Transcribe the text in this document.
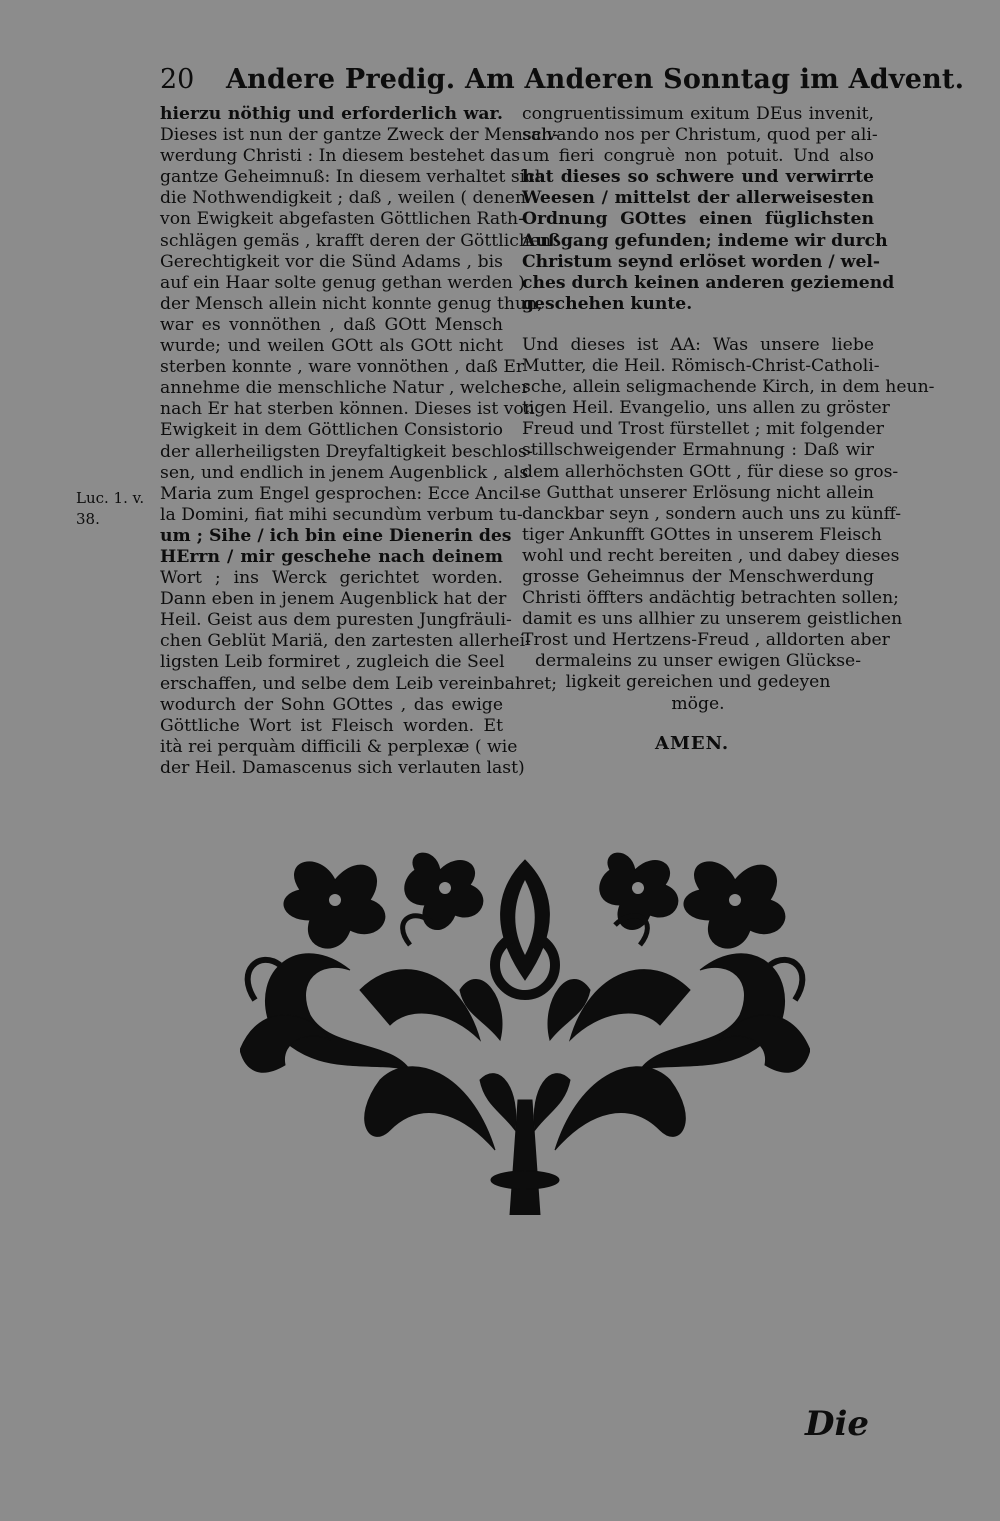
20 Andere Predig. Am Anderen Sonntag im Advent.
Luc. 1. v.
38.
hierzu nöthig und erforderlich war.
Dieses ist nun der gantze Zweck der Mensch-
werdung Christi : In diesem bestehet das
gantze Geheimnuß: In diesem verhaltet sich
die Nothwendigkeit ; daß , weilen ( denen
von Ewigkeit abgefasten Göttlichen Rath-
schlägen gemäs , krafft deren der Göttlichen
Gerechtigkeit vor die Sünd Adams , bis
auf ein Haar solte genug gethan werden )
der Mensch allein nicht konnte genug thun,
war es vonnöthen , daß GOtt Mensch
wurde; und weilen GOtt als GOtt nicht
sterben konnte , ware vonnöthen , daß Er
annehme die menschliche Natur , welcher
nach Er hat sterben können. Dieses ist von
Ewigkeit in dem Göttlichen Consistorio
der allerheiligsten Dreyfaltigkeit beschlos-
sen, und endlich in jenem Augenblick , als
Maria zum Engel gesprochen: Ecce Ancil-
la Domini, fiat mihi secundùm verbum tu-
um ; Sihe / ich bin eine Dienerin des
HErrn / mir geschehe nach deinem
Wort ; ins Werck gerichtet worden.
Dann eben in jenem Augenblick hat der
Heil. Geist aus dem puresten Jungfräuli-
chen Geblüt Mariä, den zartesten allerhei-
ligsten Leib formiret , zugleich die Seel
erschaffen, und selbe dem Leib vereinbahret;
wodurch der Sohn GOttes , das ewige
Göttliche Wort ist Fleisch worden. Et
ità rei perquàm difficili & perplexæ ( wie
der Heil. Damascenus sich verlauten last)
congruentissimum exitum DEus invenit,
salvando nos per Christum, quod per ali-
um fieri congruè non potuit. Und also
hat dieses so schwere und verwirrte
Weesen / mittelst der allerweisesten
Ordnung GOttes einen füglichsten
Außgang gefunden; indeme wir durch
Christum seynd erlöset worden / wel-
ches durch keinen anderen geziemend
geschehen kunte.
Und dieses ist AA: Was unsere liebe
Mutter, die Heil. Römisch-Christ-Catholi-
sche, allein seligmachende Kirch, in dem heun-
tigen Heil. Evangelio, uns allen zu gröster
Freud und Trost fürstellet ; mit folgender
stillschweigender Ermahnung : Daß wir
dem allerhöchsten GOtt , für diese so gros-
se Gutthat unserer Erlösung nicht allein
danckbar seyn , sondern auch uns zu künff-
tiger Ankunfft GOttes in unserem Fleisch
wohl und recht bereiten , und dabey dieses
grosse Geheimnus der Menschwerdung
Christi öffters andächtig betrachten sollen;
damit es uns allhier zu unserem geistlichen
Trost und Hertzens-Freud , alldorten aber
dermaleins zu unser ewigen Glückse-
ligkeit gereichen und gedeyen
möge.
AMEN.
Die
